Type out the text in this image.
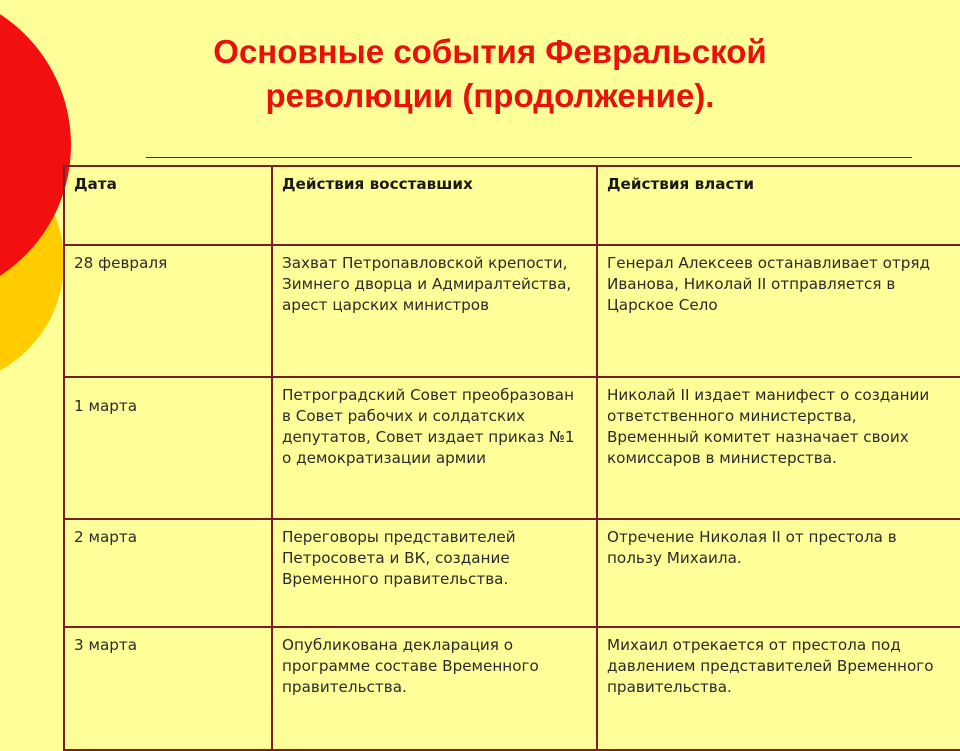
Основные события Февральской
революции (продолжение).
Дата	Действия восставших	Действия власти
28 февраля	Захват Петропавловской крепости, Зимнего дворца и Адмиралтейства, арест царских министров	Генерал Алексеев останавливает отряд Иванова, Николай II отправляется в Царское Село
1 марта	Петроградский Совет преобразован в Совет рабочих и солдатских депутатов, Совет издает приказ №1 о демократизации армии	Николай II издает манифест о создании ответственного министерства, Временный комитет назначает своих комиссаров в министерства.
2 марта	Переговоры представителей Петросовета и ВК, создание Временного правительства.	Отречение Николая II от престола в пользу Михаила.
3 марта	Опубликована декларация о программе составе Временного правительства.	Михаил отрекается от престола под давлением представителей Временного правительства.
